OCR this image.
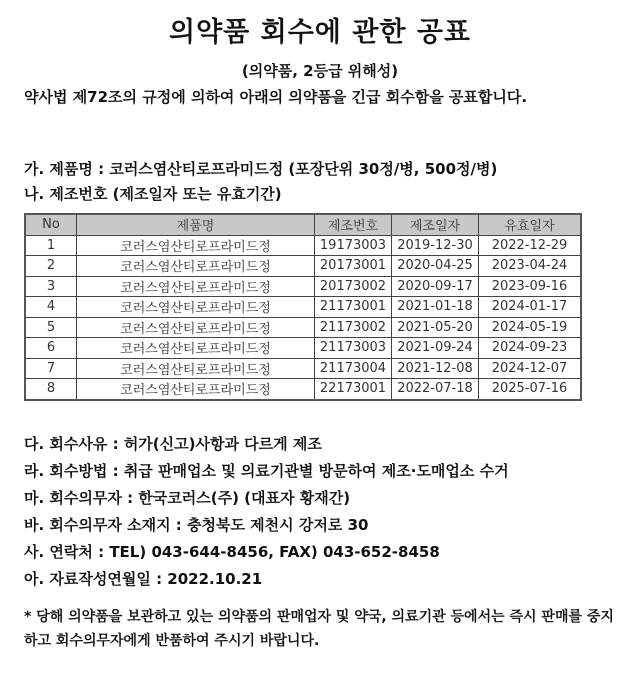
의약품 회수에 관한 공표
(의약품, 2등급 위해성)
약사법 제72조의 규정에 의하여 아래의 의약품을 긴급 회수함을 공표합니다.
가. 제품명 : 코러스염산티로프라미드정 (포장단위 30정/병, 500정/병)
나. 제조번호 (제조일자 또는 유효기간)
No	제품명	제조번호	제조일자	유효일자
1	코러스염산티로프라미드정	19173003	2019-12-30	2022-12-29
2	코러스염산티로프라미드정	20173001	2020-04-25	2023-04-24
3	코러스염산티로프라미드정	20173002	2020-09-17	2023-09-16
4	코러스염산티로프라미드정	21173001	2021-01-18	2024-01-17
5	코러스염산티로프라미드정	21173002	2021-05-20	2024-05-19
6	코러스염산티로프라미드정	21173003	2021-09-24	2024-09-23
7	코러스염산티로프라미드정	21173004	2021-12-08	2024-12-07
8	코러스염산티로프라미드정	22173001	2022-07-18	2025-07-16
다. 회수사유 : 허가(신고)사항과 다르게 제조
라. 회수방법 : 취급 판매업소 및 의료기관별 방문하여 제조·도매업소 수거
마. 회수의무자 : 한국코러스(주) (대표자 황재간)
바. 회수의무자 소재지 : 충청북도 제천시 강저로 30
사. 연락처 : TEL) 043-644-8456, FAX) 043-652-8458
아. 자료작성연월일 : 2022.10.21
* 당해 의약품을 보관하고 있는 의약품의 판매업자 및 약국, 의료기관 등에서는 즉시 판매를 중지하고 회수의무자에게 반품하여 주시기 바랍니다.
